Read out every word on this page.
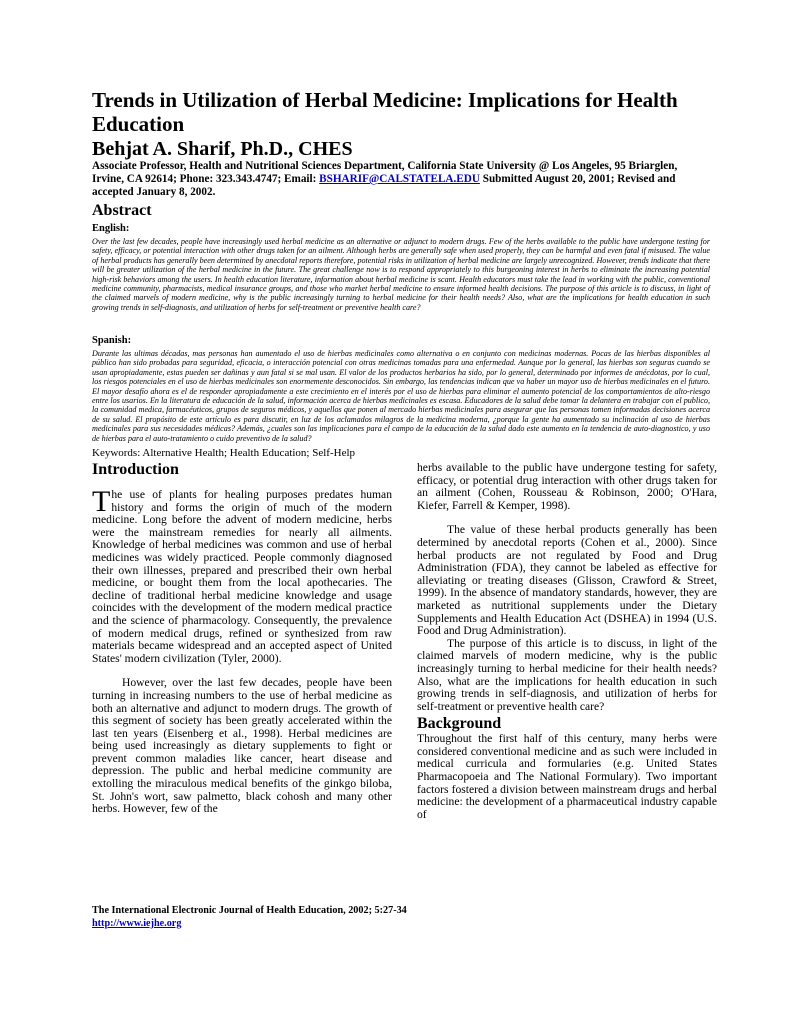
Trends in Utilization of Herbal Medicine: Implications for Health Education
Behjat A. Sharif, Ph.D., CHES

Associate Professor, Health and Nutritional Sciences Department, California State University @ Los Angeles, 95 Briarglen, Irvine, CA 92614; Phone: 323.343.4747; Email: BSHARIF@CALSTATELA.EDU Submitted August 20, 2001; Revised and accepted January 8, 2002.

Abstract

English:

Over the last few decades, people have increasingly used herbal medicine as an alternative or adjunct to modern drugs. Few of the herbs available to the public have undergone testing for safety, efficacy, or potential interaction with other drugs taken for an ailment. Although herbs are generally safe when used properly, they can be harmful and even fatal if misused. The value of herbal products has generally been determined by anecdotal reports therefore, potential risks in utilization of herbal medicine are largely unrecognized. However, trends indicate that there will be greater utilization of the herbal medicine in the future. The great challenge now is to respond appropriately to this burgeoning interest in herbs to eliminate the increasing potential high-risk behaviors among the users. In health education literature, information about herbal medicine is scant. Health educators must take the lead in working with the public, conventional medicine community, pharmacists, medical insurance groups, and those who market herbal medicine to ensure informed health decisions. The purpose of this article is to discuss, in light of the claimed marvels of modern medicine, why is the public increasingly turning to herbal medicine for their health needs? Also, what are the implications for health education in such growing trends in self-diagnosis, and utilization of herbs for self-treatment or preventive health care?

Spanish:

Durante las ultimas décadas, mas personas han aumentado el uso de hierbas medicinales como alternativa o en conjunto con medicinas modernas. Pocas de las hierbas disponibles al público han sido probadas para seguridad, eficacia, o interacción potencial con otras medicinas tomadas para una enfermedad. Aunque por lo general, las hierbas son seguras cuando se usan apropiadamente, estas pueden ser dañinas y aun fatal si se mal usan. El valor de los productos herbarios ha sido, por lo general, determinado por informes de anécdotas, por lo cual, los riesgos potenciales en el uso de hierbas medicinales son enormemente desconocidos. Sin embargo, las tendencias indican que va haber un mayor uso de hierbas medicinales en el futuro. El mayor desafío ahora es el de responder apropiadamente a este crecimiento en el interés por el uso de hierbas para eliminar el aumento potencial de los comportamientos de alto-riesgo entre los usarios. En la literatura de educación de la salud, información acerca de hierbas medicinales es escasa. Educadores de la salud debe tomar la delantera en trabajar con el publico, la comunidad medica, farmacéuticos, grupos de seguros médicos, y aquellos que ponen al mercado hierbas medicinales para asegurar que las personas tomen informadas decisiones acerca de su salud. El propósito de este artículo es para discutir, en luz de los aclamados milagros de la medicina moderna, ¿porque la gente ha aumentado su inclinación al uso de hierbas medicinales para sus necesidades médicas? Además, ¿cuales son las implicaciones para el campo de la educación de la salud dado este aumento en la tendencia de auto-diagnostico, y uso de hierbas para el auto-tratamiento o cuido preventivo de la salud?

Keywords: Alternative Health; Health Education; Self-Help

Introduction

The use of plants for healing purposes predates human history and forms the origin of much of the modern medicine. Long before the advent of modern medicine, herbs were the mainstream remedies for nearly all ailments. Knowledge of herbal medicines was common and use of herbal medicines was widely practiced. People commonly diagnosed their own illnesses, prepared and prescribed their own herbal medicine, or bought them from the local apothecaries. The decline of traditional herbal medicine knowledge and usage coincides with the development of the modern medical practice and the science of pharmacology. Consequently, the prevalence of modern medical drugs, refined or synthesized from raw materials became widespread and an accepted aspect of United States' modern civilization (Tyler, 2000).

However, over the last few decades, people have been turning in increasing numbers to the use of herbal medicine as both an alternative and adjunct to modern drugs. The growth of this segment of society has been greatly accelerated within the last ten years (Eisenberg et al., 1998). Herbal medicines are being used increasingly as dietary supplements to fight or prevent common maladies like cancer, heart disease and depression. The public and herbal medicine community are extolling the miraculous medical benefits of the ginkgo biloba, St. John's wort, saw palmetto, black cohosh and many other herbs. However, few of the

herbs available to the public have undergone testing for safety, efficacy, or potential drug interaction with other drugs taken for an ailment (Cohen, Rousseau & Robinson, 2000; O'Hara, Kiefer, Farrell & Kemper, 1998).

The value of these herbal products generally has been determined by anecdotal reports (Cohen et al., 2000). Since herbal products are not regulated by Food and Drug Administration (FDA), they cannot be labeled as effective for alleviating or treating diseases (Glisson, Crawford & Street, 1999). In the absence of mandatory standards, however, they are marketed as nutritional supplements under the Dietary Supplements and Health Education Act (DSHEA) in 1994 (U.S. Food and Drug Administration).

The purpose of this article is to discuss, in light of the claimed marvels of modern medicine, why is the public increasingly turning to herbal medicine for their health needs? Also, what are the implications for health education in such growing trends in self-diagnosis, and utilization of herbs for self-treatment or preventive health care?

Background

Throughout the first half of this century, many herbs were considered conventional medicine and as such were included in medical curricula and formularies (e.g. United States Pharmacopoeia and The National Formulary). Two important factors fostered a division between mainstream drugs and herbal medicine: the development of a pharmaceutical industry capable of

The International Electronic Journal of Health Education, 2002; 5:27-34

http://www.iejhe.org
